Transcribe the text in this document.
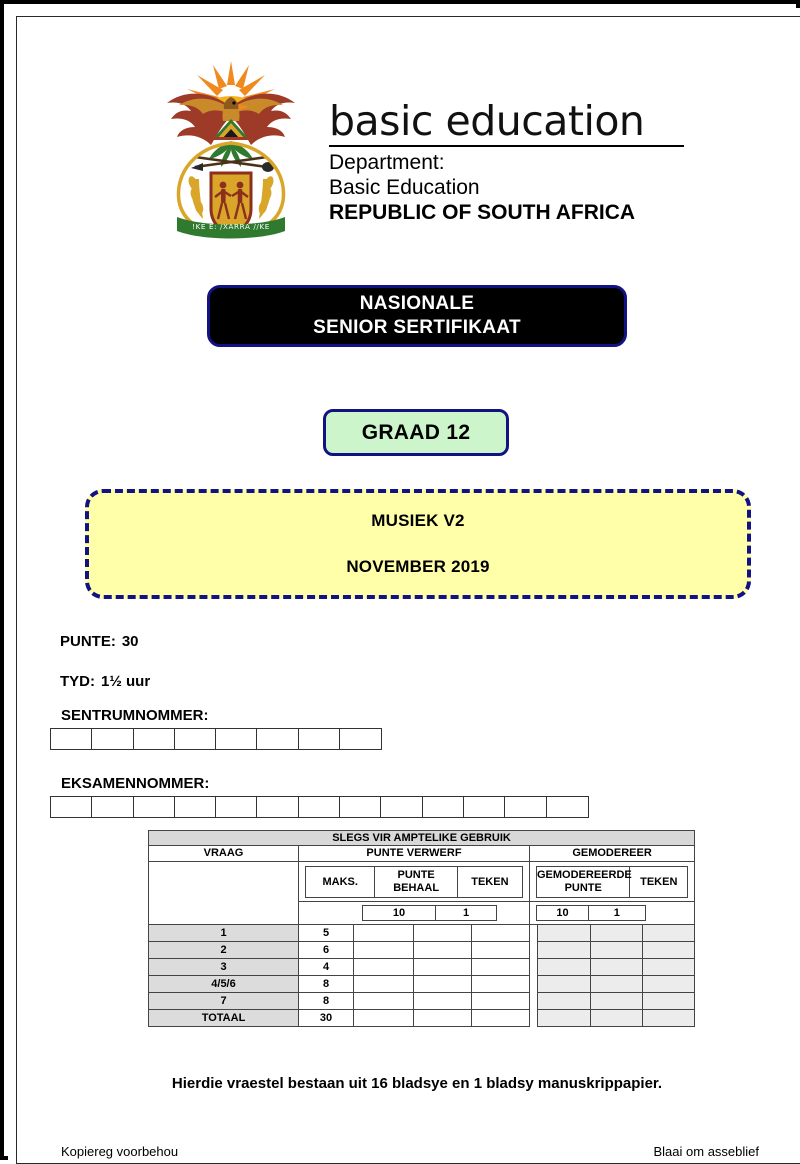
!KE E: /XARRA //KE
basic education
Department:
Basic Education
REPUBLIC OF SOUTH AFRICA
NASIONALE
SENIOR SERTIFIKAAT
GRAAD 12
MUSIEK V2
NOVEMBER 2019
PUNTE: 30
TYD: 1½ uur
SENTRUMNOMMER:
EKSAMENNOMMER:
SLEGS VIR AMPTELIKE GEBRUIK
VRAAG	PUNTE VERWERF	GEMODEREER

MAKS.	PUNTE BEHAAL	TEKEN

GEMODEREERDE PUNTE	TEKEN

10	1
		10	1

1	5							
2	6							
3	4							
4/5/6	8							
7	8							
TOTAAL	30							
Hierdie vraestel bestaan uit 16 bladsye en 1 bladsy manuskrippapier.
Kopiereg voorbehou	Blaai om asseblief
